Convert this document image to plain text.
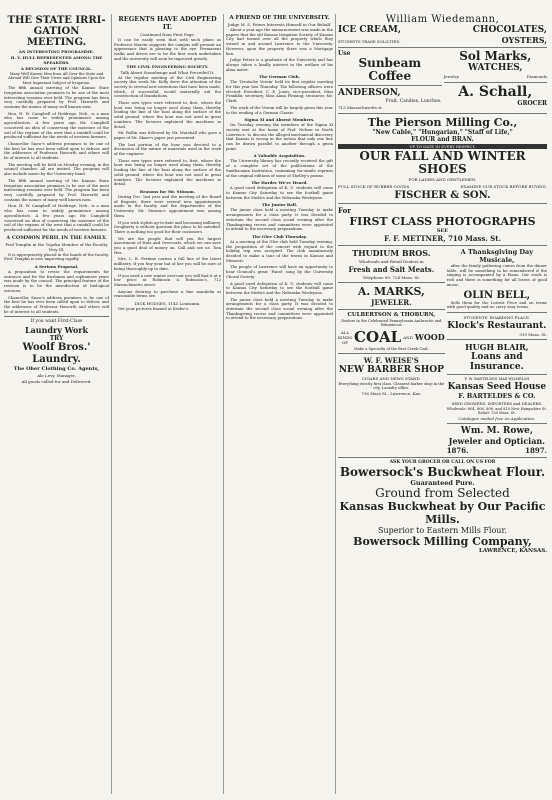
THE STATE IRRI-GATION MEETING.
AN INTERESTING PROGRAMME.
H. V. HULL REPRESENTED AMONG THE SPEAKERS.
A DECISION OF THE COUNCIL.
Many Well Known Men from All Over the State and Abroad Will Give Their Views and Opinions Upon the Most Important Subject of Irrigation.

The fifth annual meeting of the Kansas State Irrigation association promises to be one of the most interesting sessions ever held. The program has been very carefully prepared by Prof. Haworth and contains the names of many well known men.

Hon. H. W. Campbell of Holdrege, Neb., is a man who has come to widely prominence among agriculturists. A few years ago Mr. Campbell conceived an idea of conserving the moisture of the soil of the regions of the west that a rainfall could be produced sufficient for the needs of western farmers.

Chancellor Snow's address promises to be one of the best he has ever been called upon to deliver, and the addresses of Professor Haworth and others will be of interest to all students.

The meeting will be held on Monday evening, in the council chamber. All are invited. The program will also include music by the University band.

The fifth annual meeting of the Kansas State Irrigation association promises to be one of the most interesting sessions ever held. The program has been very carefully prepared by Prof. Haworth and contains the names of many well known men.

Hon. H. W. Campbell of Holdrege, Neb., is a man who has come to widely prominence among agriculturists. A few years ago Mr. Campbell conceived an idea of conserving the moisture of the soil of the regions of the west that a rainfall could be produced sufficient for the needs of western farmers.

A COMMON PERIL IN THE FAMILY.
Prof Templin in the Topeka Member of the Faculty Very Ill.

It is appropriately placed in the hands of the faculty. Prof. Templin is now improving rapidly.

A Serious Proposal.

A proposition to revise the requirements for entrance and for the freshman and sophomore years was made by the council. The principal feature of the revision is to be the introduction of biological sciences.

Chancellor Snow's address promises to be one of the best he has ever been called upon to deliver, and the addresses of Professor Haworth and others will be of interest to all students.

If you want First-Class
Laundry Work
TRY
Woolf Bros.' Laundry.
The Ober Clothing Co. Agents,
Ale Levy, Manager.
All goods called for and Delivered.
REGENTS HAVE ADOPTED IT.
Continued from First Page.

It can be easily seen that with such plans as Professor Marvin suggests the campus will present an appearance that is pleasing to the eye. Permanent walks and drives are to be the first work undertaken and the university will soon be improved greatly.

THE CIVIL ENGINEERING SOCIETY.
Talk About Stonehenge and What Preceded It.

At the regular meeting of the Civil Engineering society this week Mr. Kelly drew the attention of the society to several new inventions that have been made, which, if successful, would materially aid the construction of foundations.

Those new types were referred to, first, where the boat was being no longer used along them, thereby leading the line of the boat along the surface of the solid ground, where the boat was not used in great numbers. The lecturer explained the machines in detail.

Mr. Rollin was followed by Mr. Marshall who gave a paper of Mr. Skaer's paper just presented.

The last portion of the hour was devoted to a discussion of the nature of materials used in the work of the engineer.

Those new types were referred to, first, where the boat was being no longer used along them, thereby leading the line of the boat along the surface of the solid ground, where the boat was not used in great numbers. The lecturer explained the machines in detail.

Reasons for Mr. Stinson.

During Dec. last year and the meeting of the Board of Regents, there were several new appointments made in the faculty and the departments of the University. Mr. Stinson's appointment was among them.

If you wish stylish up-to-date and becoming millinery, Dougherty is without question the place to be satisfied. There is nothing too good for their customers.

We are the people that sell you the largest assortment of Hats and Overcoats, which we can save you a good deal of money on. Call and see us. Tom Hes.

Mrs. L. B. Pertime carries a full line of the latest millinery. If you buy your hat of her you will be sure of being thoroughly up to date.

If you need a new winter overcoat you will find it at a low price at Robinson & Robinson's, 712 Massachusetts street.

Anyone desiring to purchase a fine mandolin at reasonable terms see.

DICK HODGES, 1145 Louisiana.

Get your pictures framed at Kesler's.

A FRIEND OF THE UNIVERSITY.
Judge M. S. Peters Interests Himself in Our Behalf.

About a year ago the announcement was made in the papers that the old Kansas Irrigation Society of Kansas City had turned over all the property which they owned in and around Lawrence to the University. However, upon the property there was a Mortgage lien.

Judge Peters is a graduate of the University and has always taken a kindly interest in the welfare of his alma mater.

The German Club.

The 'Deutsche Verein' held its first regular meeting for this year last Thursday. The following officers were elected: President, C. E. Jones; vice-president, Miss Franklin; secretary, Miss Anna Fleming; treasurer, Mr. Clark.

The work of the Verein will be largely given this year to the reading of a German Classic.

Sigma Xi and Absent Members.

On Tuesday evening the members of the Sigma Xi society met at the home of Prof. Nelson in North Lawrence, to discuss the alleged mechanical discovery that Kansas is wrong in the notion that only one line can be drawn parallel to another through a given point.

A Valuable Acquisition.

The University library has recently received the gift of a complete set of the publications of the Smithsonian Institution, containing fac-simile reprints of the original editions of some of Shelley's poems.

The Harder We're Heard.

A good sized delegation of K. U. students will come to Kansas City Saturday to see the football game between the Medics and the Nebraska Wesleyans.

The Junior Ball.

The junior class held a meeting Tuesday to make arrangements for a class party. It was decided to entertain the second class social evening after the Thanksgiving recess and committees were appointed to attend to the necessary preparations.

The Glee Club Thursday.

At a meeting of the Glee club held Tuesday evening, the proposition of the concert with regard to the holiday trip was accepted. The club unanimously decided to make a tour of the towns in Kansas and Missouri.

The people of Lawrence will have an opportunity to hear Gounod's great 'Faust' sung by the University Choral Society.

A good sized delegation of K. U. students will come to Kansas City Saturday to see the football game between the Medics and the Nebraska Wesleyans.

The junior class held a meeting Tuesday to make arrangements for a class party. It was decided to entertain the second class social evening after the Thanksgiving recess and committees were appointed to attend to the necessary preparations.

William Wiedemann,
ICE CREAM,	CHOCOLATES,
STUDENTS TRADE SOLICITED.	OYSTERS,
Use
Sunbeam Coffee
ANDERSON,
Fruit, Candies, Lunches.
713 Massachusetts st
Sol Marks,
WATCHES,
Jewelry.	Diamonds
A. Schall,
GROCER
The Pierson Milling Co.,
"New Cable," "Hungarian," "Staff of Life,"
FLOUR and BRAN.
UP TO DATE IN EVERY RESPECT.
OUR FALL AND WINTER SHOES
FOR LADIES AND GENTLEMEN.
FULL STOCK OF RUBBER GOODS.	EXAMINE OUR STOCK BEFORE BUYING.
FISCHER & SON.
For
FIRST CLASS PHOTOGRAPHS
SEE
F. F. METTNER, 710 Mass. St.
THUDIUM BROS.
Wholesale and Retail Dealers in
Fresh and Salt Meats.
Telephone 99. 724 Mass. St.
A. MARKS,
JEWELER.
CULBERTSON & THOBURN,
Dealers in the Celebrated Pennsylvania Anthracite and Bituminous
ALL KINDS OF COAL AND WOOD
Make a Specialty of the Best Creek Coal.
W. F. WEISE'S
NEW BARBER SHOP
CIGARS AND NEWS STAND.
Everything strictly first class. Cleanest barber shop in the city. Laundry office.
736 Mass St., Lawrence, Kas.
A Thanksgiving Day Musicale,

after the family gathering comes from the dinner table, will be something to be remembered if the singing is accompanied by a Piano. Our stock is rich and there is something for all lovers of good music.

OLIN BELL,

Sells them for the Lowest Price and on terms with good quality and no carry easy terms.

STUDENTS' BOARDING PLACE.
Klock's Restaurant.
919 Mass. St.
HUGH BLAIR,
Loans and Insurance.
F. W. BARTELDES MAX WILHELMI
Kansas Seed House
F. BARTELDES & CO.
SEED GROWERS, IMPORTERS and DEALERS.
Wholesale: 804, 806, 808, and 810 New Hampshire St. Retail: 726 Mass. St.
Catalogue mailed free on Application.
Wm. M. Rowe,
Jeweler and Optician.
1876.	1897.
ASK YOUR GROCER OR CALL ON US FOR
Bowersock's Buckwheat Flour.
Guaranteed Pure.
Ground from Selected
Kansas Buckwheat by Our Pacific Mills.
Superior to Eastern Mills Flour.
Bowersock Milling Company,
LAWRENCE, KANSAS.
